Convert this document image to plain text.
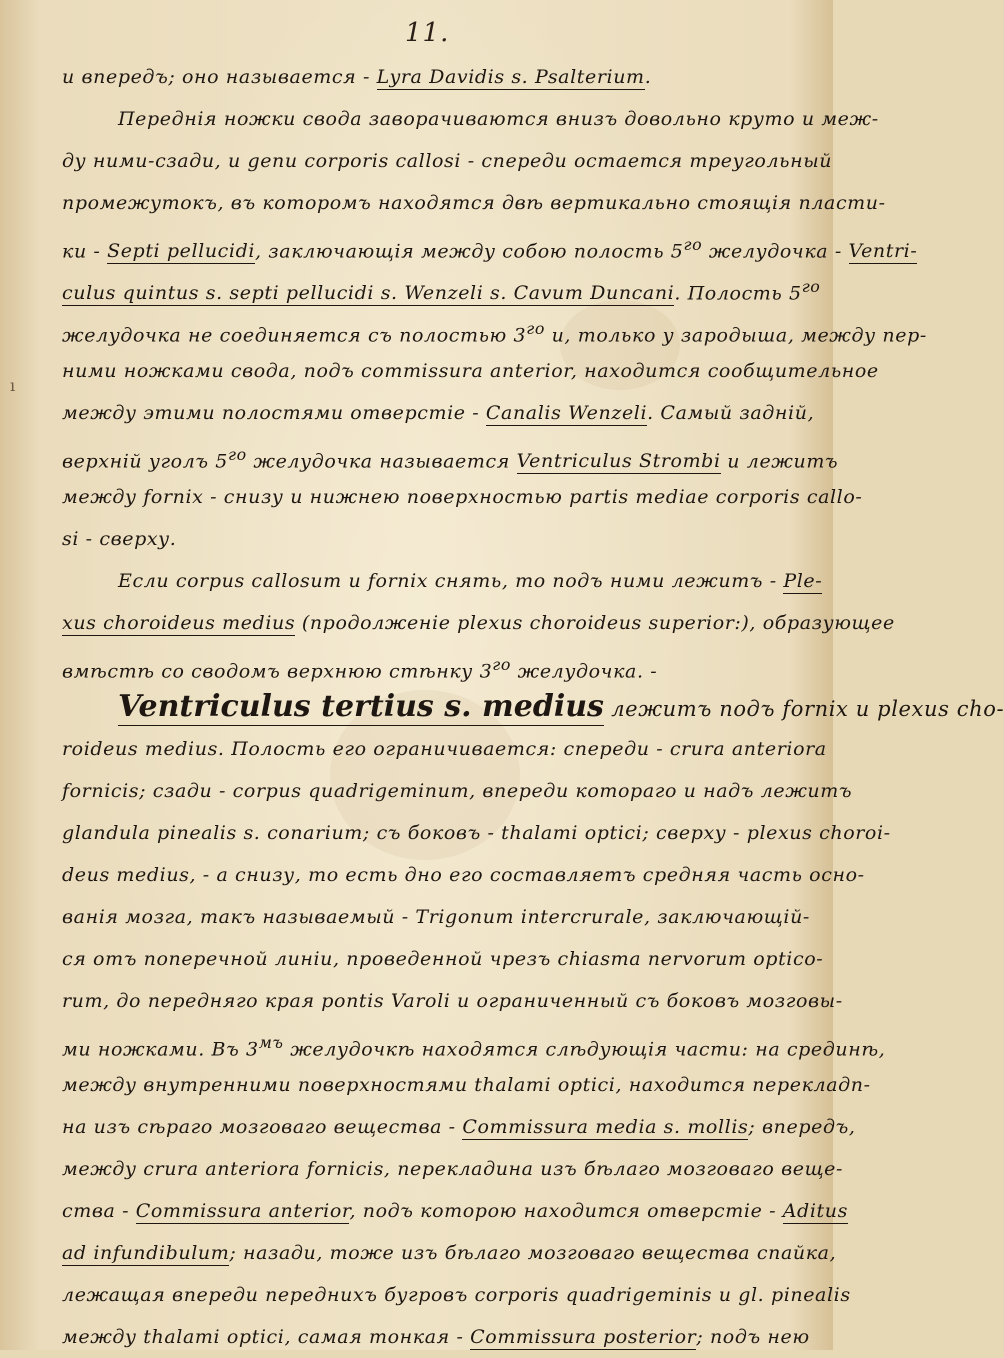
11.
ı
и впередъ; оно называется - Lyra Davidis s. Psalterium.
Переднія ножки свода заворачиваются внизъ довольно круто и меж-
ду ними-сзади, и genu corporis callosi - спереди остается треугольный
промежутокъ, въ которомъ находятся двѣ вертикально стоящія пласти-
ки - Septi pellucidi, заключающія между собою полость $5^{го}$ желудочка - Ventri-
culus quintus s. septi pellucidi s. Wenzeli s. Cavum Duncani. Полость $5^{го}$
желудочка не соединяется съ полостью $3^{го}$ и, только у зародыша, между пер-
ними ножками свода, подъ commissura anterior, находится сообщительное
между этими полостями отверстіе - Canalis Wenzeli. Самый задній,
верхній уголъ $5^{го}$ желудочка называется Ventriculus Strombi и лежитъ
между fornix - снизу и нижнею поверхностью partis mediae corporis callo-
si - сверху.
Если corpus callosum и fornix снять, то подъ ними лежитъ - Ple-
xus choroideus medius (продолженіе plexus choroideus superior:), образующее
вмѣстѣ со сводомъ верхнюю стѣнку $3^{го}$ желудочка. -
Ventriculus tertius s. medius лежитъ подъ fornix и plexus cho-
roideus medius. Полость его ограничивается: спереди - crura anteriora
fornicis; сзади - corpus quadrigeminum, впереди котораго и надъ лежитъ
glandula pinealis s. conarium; съ боковъ - thalami optici; сверху - plexus choroi-
deus medius, - а снизу, то есть дно его составляетъ средняя часть осно-
ванія мозга, такъ называемый - Trigonum intercrurale, заключающій-
ся отъ поперечной линіи, проведенной чрезъ chiasma nervorum optico-
rum, до передняго края pontis Varoli и ограниченный съ боковъ мозговы-
ми ножками. Въ $3^{мъ}$ желудочкѣ находятся слѣдующія части: на срединѣ,
между внутренними поверхностями thalami optici, находится перекладп-
на изъ сѣраго мозговаго вещества - Commissura media s. mollis; впередъ,
между crura anteriora fornicis, перекладина изъ бѣлаго мозговаго веще-
ства - Commissura anterior, подъ которою находится отверстіе - Aditus
ad infundibulum; назади, тоже изъ бѣлаго мозговаго вещества спайка,
лежащая впереди переднихъ бугровъ corporis quadrigeminis и gl. pinealis
между thalami optici, самая тонкая - Commissura posterior; подъ нею
